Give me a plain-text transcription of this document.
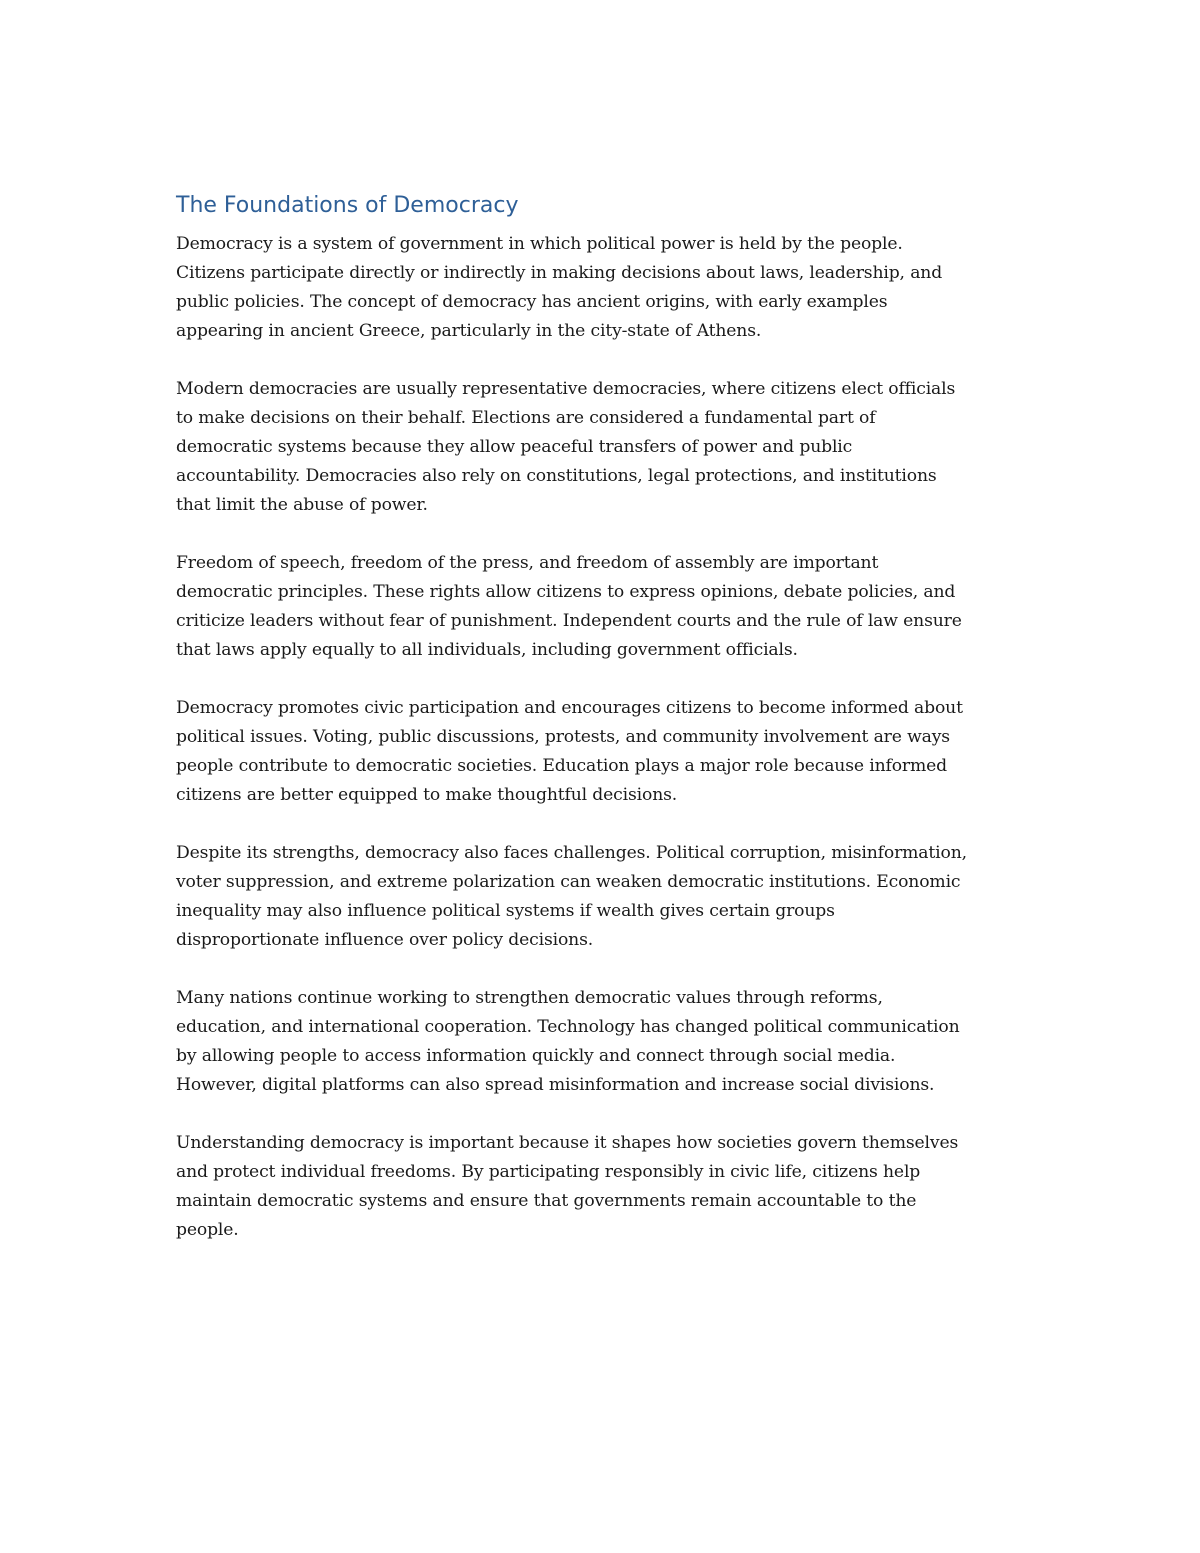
The Foundations of Democracy

Democracy is a system of government in which political power is held by the people.
Citizens participate directly or indirectly in making decisions about laws, leadership, and
public policies. The concept of democracy has ancient origins, with early examples
appearing in ancient Greece, particularly in the city-state of Athens.

Modern democracies are usually representative democracies, where citizens elect officials
to make decisions on their behalf. Elections are considered a fundamental part of
democratic systems because they allow peaceful transfers of power and public
accountability. Democracies also rely on constitutions, legal protections, and institutions
that limit the abuse of power.

Freedom of speech, freedom of the press, and freedom of assembly are important
democratic principles. These rights allow citizens to express opinions, debate policies, and
criticize leaders without fear of punishment. Independent courts and the rule of law ensure
that laws apply equally to all individuals, including government officials.

Democracy promotes civic participation and encourages citizens to become informed about
political issues. Voting, public discussions, protests, and community involvement are ways
people contribute to democratic societies. Education plays a major role because informed
citizens are better equipped to make thoughtful decisions.

Despite its strengths, democracy also faces challenges. Political corruption, misinformation,
voter suppression, and extreme polarization can weaken democratic institutions. Economic
inequality may also influence political systems if wealth gives certain groups
disproportionate influence over policy decisions.

Many nations continue working to strengthen democratic values through reforms,
education, and international cooperation. Technology has changed political communication
by allowing people to access information quickly and connect through social media.
However, digital platforms can also spread misinformation and increase social divisions.

Understanding democracy is important because it shapes how societies govern themselves
and protect individual freedoms. By participating responsibly in civic life, citizens help
maintain democratic systems and ensure that governments remain accountable to the
people.
